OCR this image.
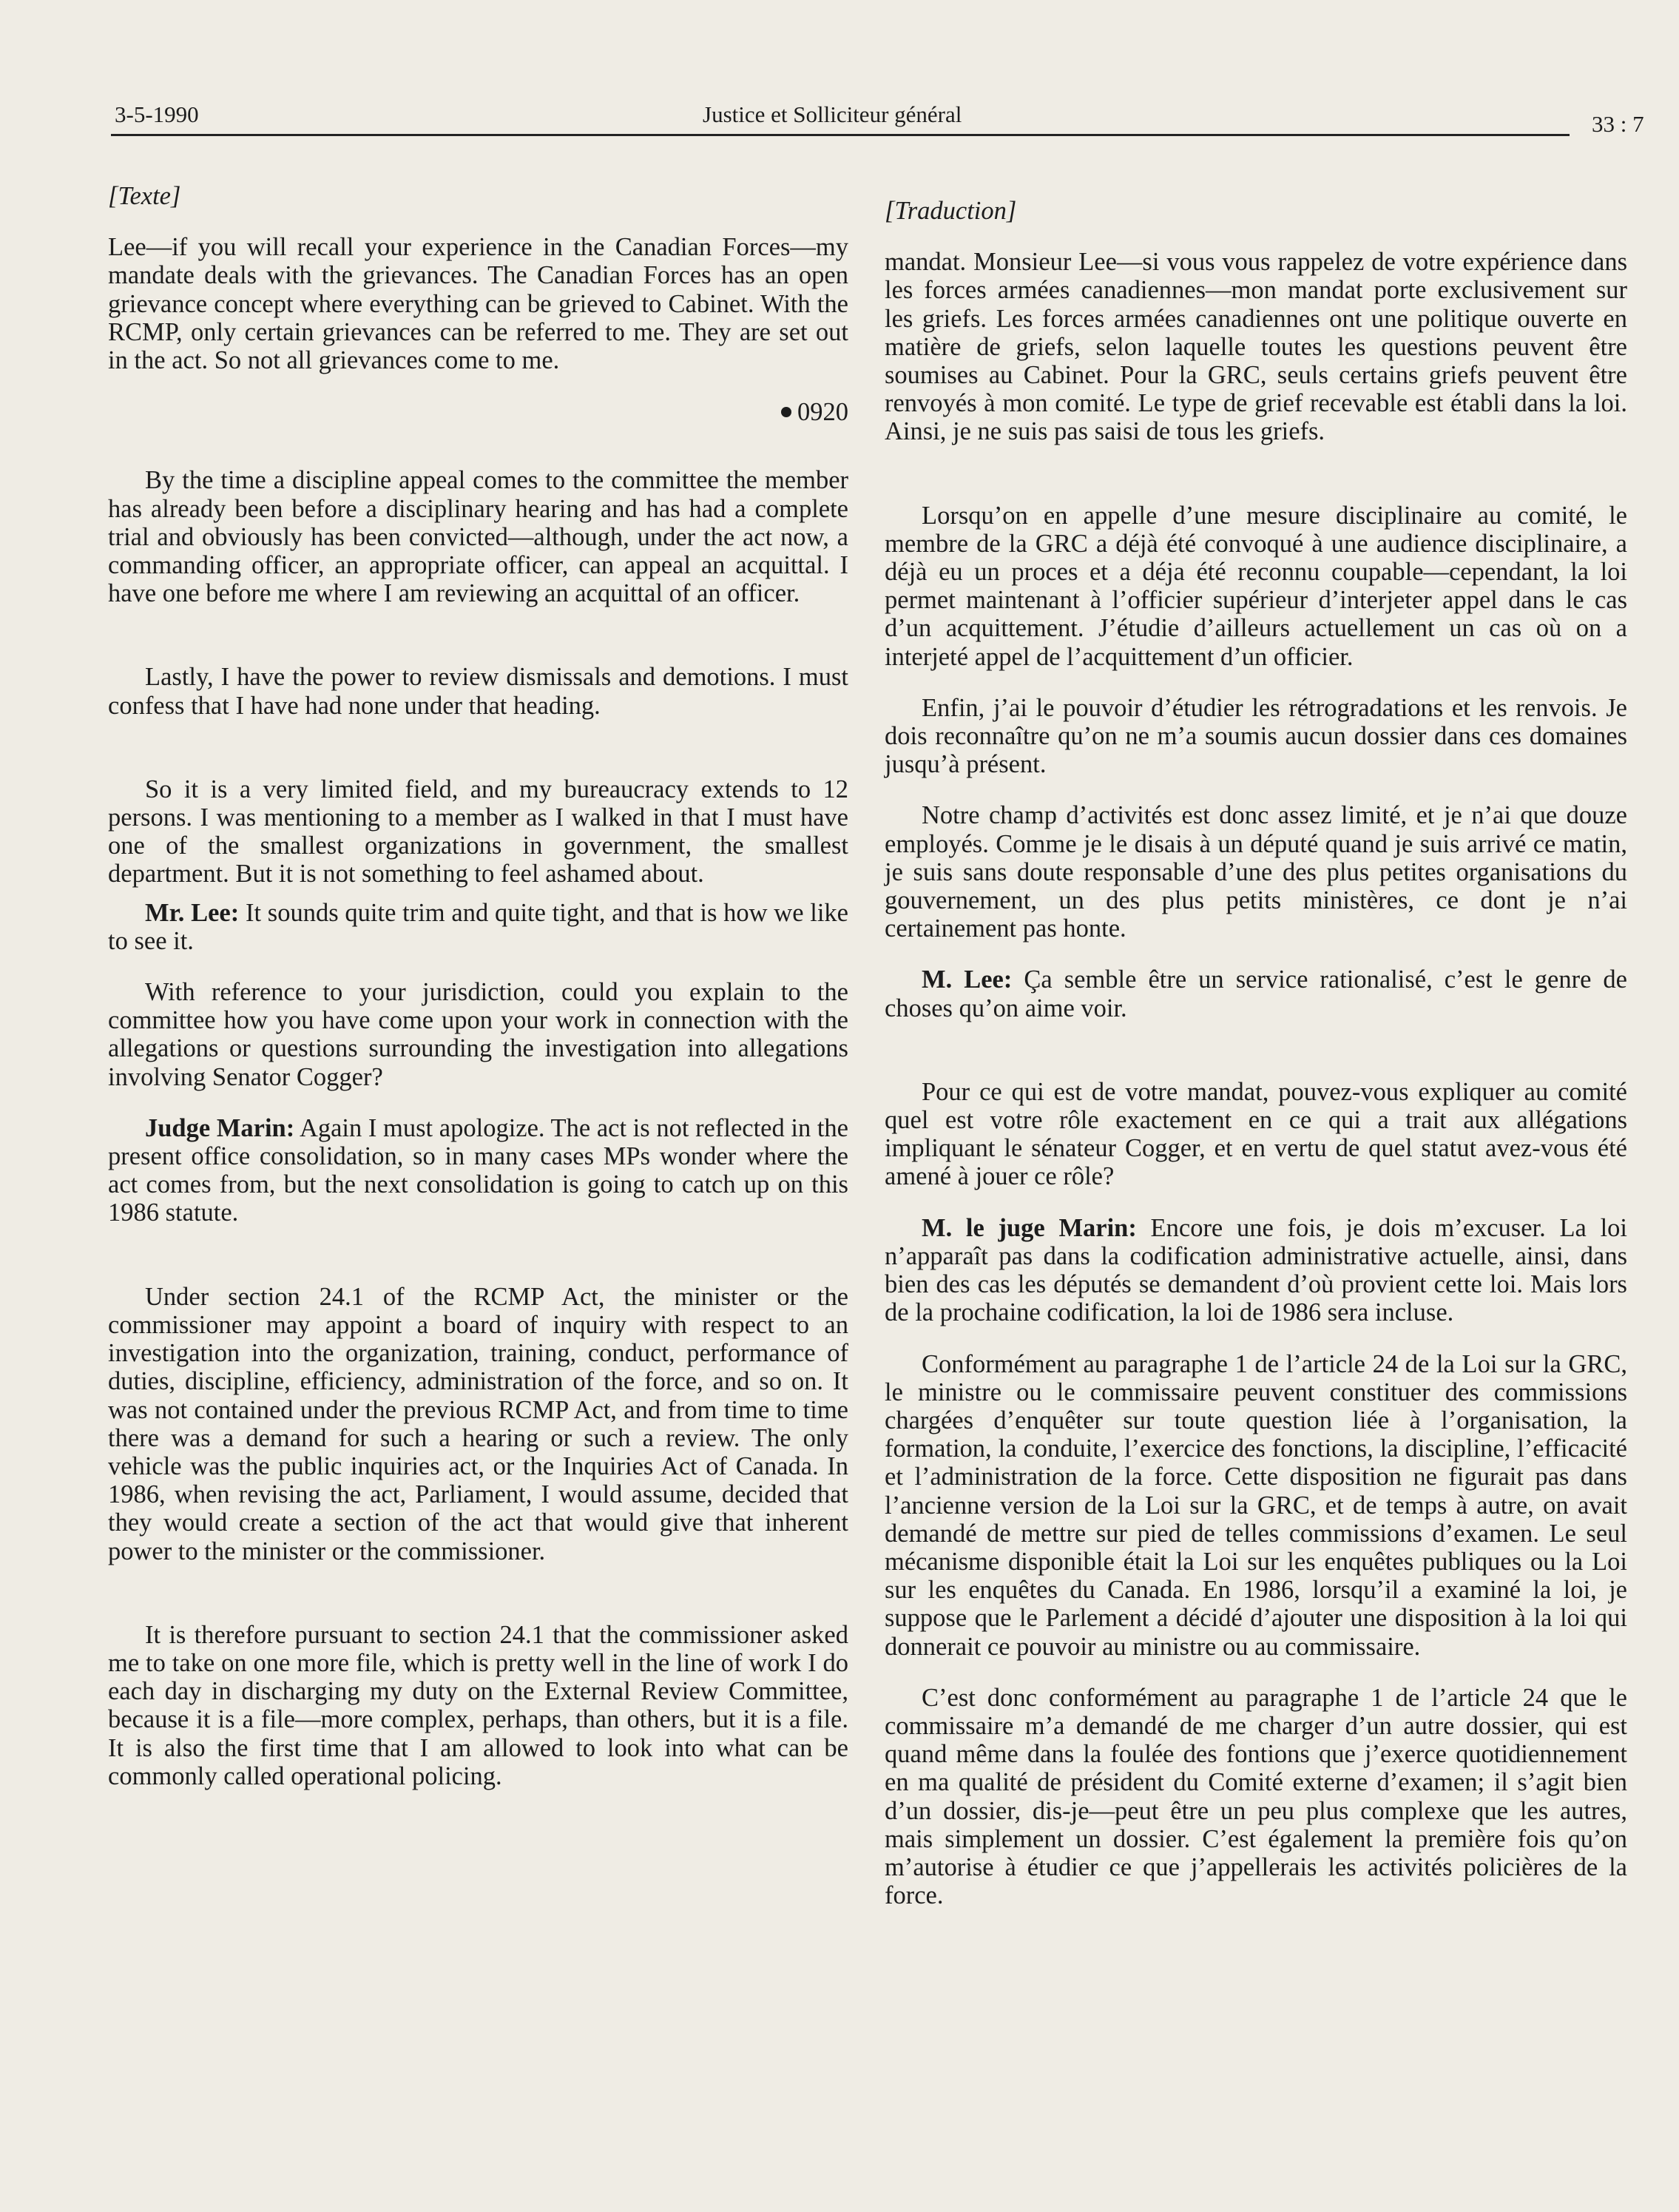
3-5-1990	Justice et Solliciteur général	33 : 7

[Texte]

Lee—if you will recall your experience in the Canadian Forces—my mandate deals with the grievances. The Canadian Forces has an open grievance concept where everything can be grieved to Cabinet. With the RCMP, only certain grievances can be referred to me. They are set out in the act. So not all grievances come to me.

0920

By the time a discipline appeal comes to the committee the member has already been before a disciplinary hearing and has had a complete trial and obviously has been convicted—although, under the act now, a commanding officer, an appropriate officer, can appeal an acquittal. I have one before me where I am reviewing an acquittal of an officer.

Lastly, I have the power to review dismissals and demotions. I must confess that I have had none under that heading.

So it is a very limited field, and my bureaucracy extends to 12 persons. I was mentioning to a member as I walked in that I must have one of the smallest organizations in government, the smallest department. But it is not something to feel ashamed about.

Mr. Lee: It sounds quite trim and quite tight, and that is how we like to see it.

With reference to your jurisdiction, could you explain to the committee how you have come upon your work in connection with the allegations or questions surrounding the investigation into allegations involving Senator Cogger?

Judge Marin: Again I must apologize. The act is not reflected in the present office consolidation, so in many cases MPs wonder where the act comes from, but the next consolidation is going to catch up on this 1986 statute.

Under section 24.1 of the RCMP Act, the minister or the commissioner may appoint a board of inquiry with respect to an investigation into the organization, training, conduct, performance of duties, discipline, efficiency, administration of the force, and so on. It was not contained under the previous RCMP Act, and from time to time there was a demand for such a hearing or such a review. The only vehicle was the public inquiries act, or the Inquiries Act of Canada. In 1986, when revising the act, Parliament, I would assume, decided that they would create a section of the act that would give that inherent power to the minister or the commissioner.

It is therefore pursuant to section 24.1 that the commissioner asked me to take on one more file, which is pretty well in the line of work I do each day in discharging my duty on the External Review Committee, because it is a file—more complex, perhaps, than others, but it is a file. It is also the first time that I am allowed to look into what can be commonly called operational policing.

[Traduction]

mandat. Monsieur Lee—si vous vous rappelez de votre expérience dans les forces armées canadiennes—mon mandat porte exclusivement sur les griefs. Les forces armées canadiennes ont une politique ouverte en matière de griefs, selon laquelle toutes les questions peuvent être soumises au Cabinet. Pour la GRC, seuls certains griefs peuvent être renvoyés à mon comité. Le type de grief recevable est établi dans la loi. Ainsi, je ne suis pas saisi de tous les griefs.

Lorsqu’on en appelle d’une mesure disciplinaire au comité, le membre de la GRC a déjà été convoqué à une audience disciplinaire, a déjà eu un proces et a déja été reconnu coupable—cependant, la loi permet maintenant à l’officier supérieur d’interjeter appel dans le cas d’un acquittement. J’étudie d’ailleurs actuellement un cas où on a interjeté appel de l’acquittement d’un officier.

Enfin, j’ai le pouvoir d’étudier les rétrogradations et les renvois. Je dois reconnaître qu’on ne m’a soumis aucun dossier dans ces domaines jusqu’à présent.

Notre champ d’activités est donc assez limité, et je n’ai que douze employés. Comme je le disais à un député quand je suis arrivé ce matin, je suis sans doute responsable d’une des plus petites organisations du gouvernement, un des plus petits ministères, ce dont je n’ai certainement pas honte.

M. Lee: Ça semble être un service rationalisé, c’est le genre de choses qu’on aime voir.

Pour ce qui est de votre mandat, pouvez-vous expliquer au comité quel est votre rôle exactement en ce qui a trait aux allégations impliquant le sénateur Cogger, et en vertu de quel statut avez-vous été amené à jouer ce rôle?

M. le juge Marin: Encore une fois, je dois m’excuser. La loi n’apparaît pas dans la codification administrative actuelle, ainsi, dans bien des cas les députés se demandent d’où provient cette loi. Mais lors de la prochaine codification, la loi de 1986 sera incluse.

Conformément au paragraphe 1 de l’article 24 de la Loi sur la GRC, le ministre ou le commissaire peuvent constituer des commissions chargées d’enquêter sur toute question liée à l’organisation, la formation, la conduite, l’exercice des fonctions, la discipline, l’efficacité et l’administration de la force. Cette disposition ne figurait pas dans l’ancienne version de la Loi sur la GRC, et de temps à autre, on avait demandé de mettre sur pied de telles commissions d’examen. Le seul mécanisme disponible était la Loi sur les enquêtes publiques ou la Loi sur les enquêtes du Canada. En 1986, lorsqu’il a examiné la loi, je suppose que le Parlement a décidé d’ajouter une disposition à la loi qui donnerait ce pouvoir au ministre ou au commissaire.

C’est donc conformément au paragraphe 1 de l’article 24 que le commissaire m’a demandé de me charger d’un autre dossier, qui est quand même dans la foulée des fontions que j’exerce quotidiennement en ma qualité de président du Comité externe d’examen; il s’agit bien d’un dossier, dis-je—peut être un peu plus complexe que les autres, mais simplement un dossier. C’est également la première fois qu’on m’autorise à étudier ce que j’appellerais les activités policières de la force.
